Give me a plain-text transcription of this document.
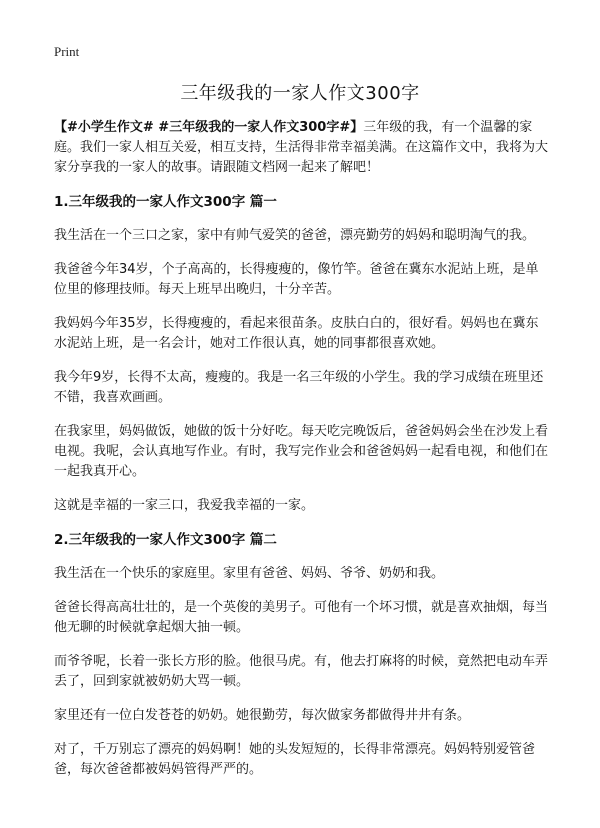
Print
三年级我的一家人作文300字

【#小学生作文# #三年级我的一家人作文300字#】三年级的我，有一个温馨的家庭。我们一家人相互关爱，相互支持，生活得非常幸福美满。在这篇作文中，我将为大家分享我的一家人的故事。请跟随文档网一起来了解吧！

1.三年级我的一家人作文300字 篇一

我生活在一个三口之家，家中有帅气爱笑的爸爸，漂亮勤劳的妈妈和聪明淘气的我。

我爸爸今年34岁，个子高高的，长得瘦瘦的，像竹竿。爸爸在冀东水泥站上班，是单位里的修理技师。每天上班早出晚归，十分辛苦。

我妈妈今年35岁，长得瘦瘦的，看起来很苗条。皮肤白白的，很好看。妈妈也在冀东水泥站上班，是一名会计，她对工作很认真，她的同事都很喜欢她。

我今年9岁，长得不太高，瘦瘦的。我是一名三年级的小学生。我的学习成绩在班里还不错，我喜欢画画。

在我家里，妈妈做饭，她做的饭十分好吃。每天吃完晚饭后，爸爸妈妈会坐在沙发上看电视。我呢，会认真地写作业。有时，我写完作业会和爸爸妈妈一起看电视，和他们在一起我真开心。

这就是幸福的一家三口，我爱我幸福的一家。

2.三年级我的一家人作文300字 篇二

我生活在一个快乐的家庭里。家里有爸爸、妈妈、爷爷、奶奶和我。

爸爸长得高高壮壮的，是一个英俊的美男子。可他有一个坏习惯，就是喜欢抽烟，每当他无聊的时候就拿起烟大抽一顿。

而爷爷呢，长着一张长方形的脸。他很马虎。有，他去打麻将的时候，竟然把电动车弄丢了，回到家就被奶奶大骂一顿。

家里还有一位白发苍苍的奶奶。她很勤劳，每次做家务都做得井井有条。

对了，千万别忘了漂亮的妈妈啊！她的头发短短的，长得非常漂亮。妈妈特别爱管爸爸，每次爸爸都被妈妈管得严严的。
